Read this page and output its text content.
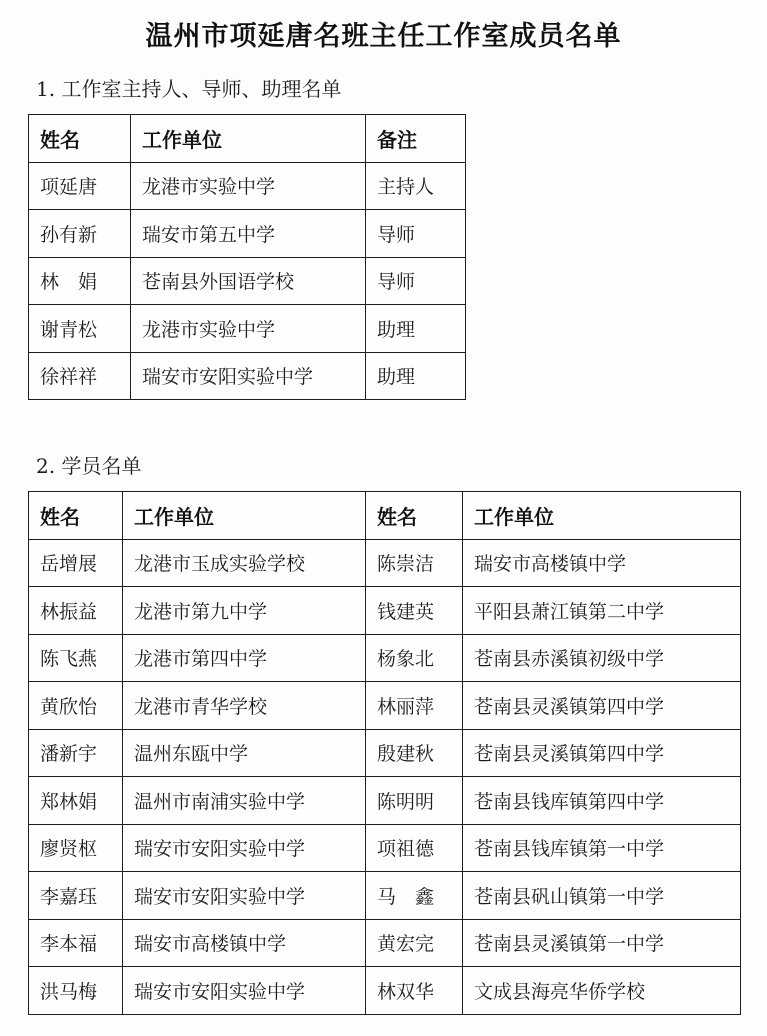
温州市项延唐名班主任工作室成员名单
1. 工作室主持人、导师、助理名单
姓名	工作单位	备注
项延唐	龙港市实验中学	主持人
孙有新	瑞安市第五中学	导师
林　娟	苍南县外国语学校	导师
谢青松	龙港市实验中学	助理
徐祥祥	瑞安市安阳实验中学	助理
2. 学员名单
姓名	工作单位	姓名	工作单位
岳增展	龙港市玉成实验学校	陈崇洁	瑞安市高楼镇中学
林振益	龙港市第九中学	钱建英	平阳县萧江镇第二中学
陈飞燕	龙港市第四中学	杨象北	苍南县赤溪镇初级中学
黄欣怡	龙港市青华学校	林丽萍	苍南县灵溪镇第四中学
潘新宇	温州东瓯中学	殷建秋	苍南县灵溪镇第四中学
郑林娟	温州市南浦实验中学	陈明明	苍南县钱库镇第四中学
廖贤枢	瑞安市安阳实验中学	项祖德	苍南县钱库镇第一中学
李嘉珏	瑞安市安阳实验中学	马　鑫	苍南县矾山镇第一中学
李本福	瑞安市高楼镇中学	黄宏完	苍南县灵溪镇第一中学
洪马梅	瑞安市安阳实验中学	林双华	文成县海亮华侨学校
